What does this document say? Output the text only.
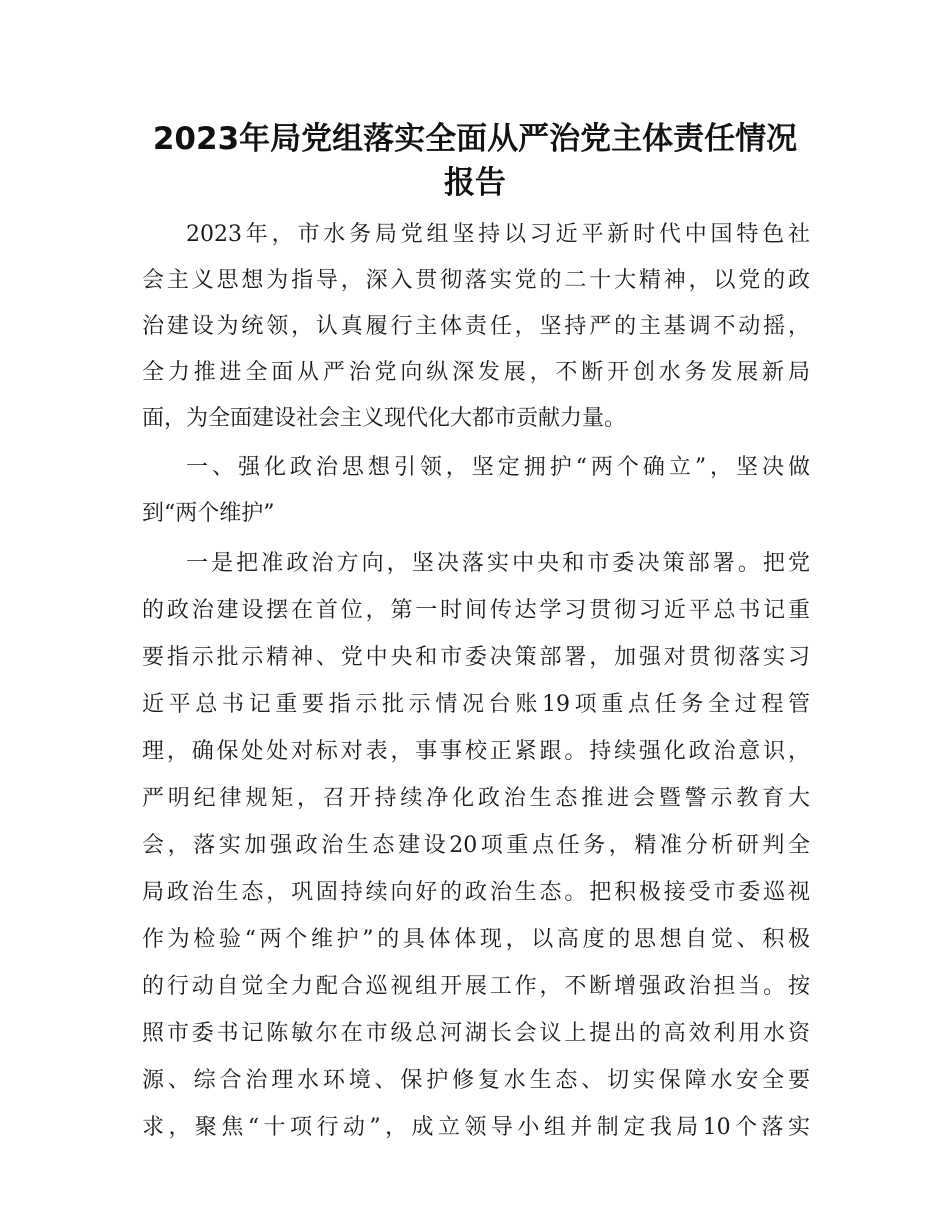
2023年局党组落实全面从严治党主体责任情况
报告

2023年，市水务局党组坚持以习近平新时代中国特色社

会主义思想为指导，深入贯彻落实党的二十大精神，以党的政

治建设为统领，认真履行主体责任，坚持严的主基调不动摇，

全力推进全面从严治党向纵深发展，不断开创水务发展新局

面，为全面建设社会主义现代化大都市贡献力量。

一、强化政治思想引领，坚定拥护“两个确立”，坚决做

到“两个维护”

一是把准政治方向，坚决落实中央和市委决策部署。把党

的政治建设摆在首位，第一时间传达学习贯彻习近平总书记重

要指示批示精神、党中央和市委决策部署，加强对贯彻落实习

近平总书记重要指示批示情况台账19项重点任务全过程管

理，确保处处对标对表，事事校正紧跟。持续强化政治意识，

严明纪律规矩，召开持续净化政治生态推进会暨警示教育大

会，落实加强政治生态建设20项重点任务，精准分析研判全

局政治生态，巩固持续向好的政治生态。把积极接受市委巡视

作为检验“两个维护”的具体体现，以高度的思想自觉、积极

的行动自觉全力配合巡视组开展工作，不断增强政治担当。按

照市委书记陈敏尔在市级总河湖长会议上提出的高效利用水资

源、综合治理水环境、保护修复水生态、切实保障水安全要

求，聚焦“十项行动”，成立领导小组并制定我局10个落实
